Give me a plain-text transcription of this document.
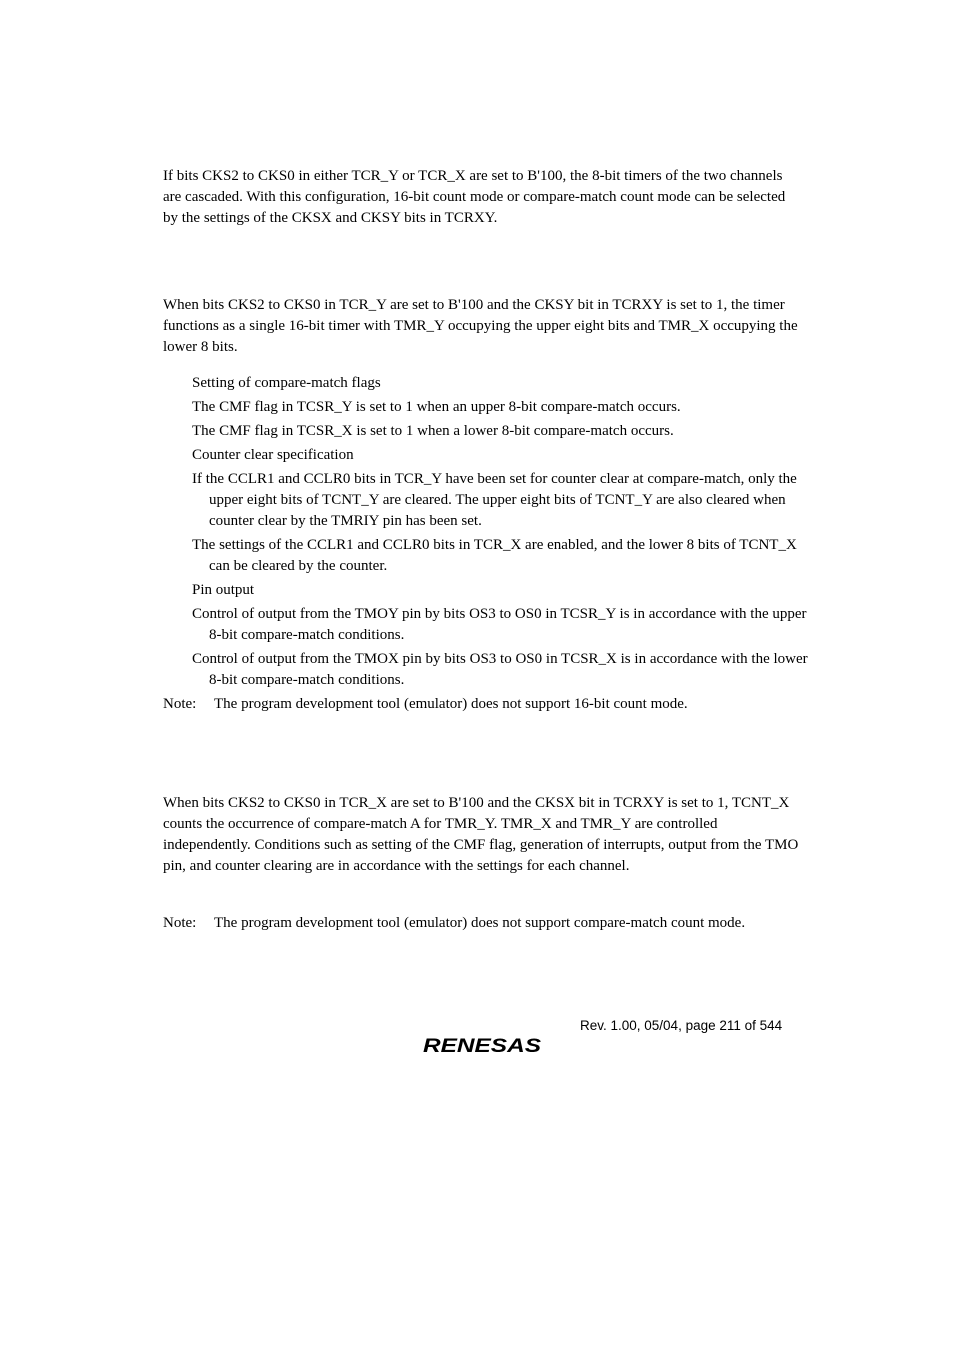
If bits CKS2 to CKS0 in either TCR_Y or TCR_X are set to B'100, the 8-bit timers of the two channels are cascaded. With this configuration, 16-bit count mode or compare-match count mode can be selected by the settings of the CKSX and CKSY bits in TCRXY.

When bits CKS2 to CKS0 in TCR_Y are set to B'100 and the CKSY bit in TCRXY is set to 1, the timer functions as a single 16-bit timer with TMR_Y occupying the upper eight bits and TMR_X occupying the lower 8 bits.

Setting of compare-match flags

The CMF flag in TCSR_Y is set to 1 when an upper 8-bit compare-match occurs.

The CMF flag in TCSR_X is set to 1 when a lower 8-bit compare-match occurs.

Counter clear specification

If the CCLR1 and CCLR0 bits in TCR_Y have been set for counter clear at compare-match, only the upper eight bits of TCNT_Y are cleared. The upper eight bits of TCNT_Y are also cleared when counter clear by the TMRIY pin has been set.

The settings of the CCLR1 and CCLR0 bits in TCR_X are enabled, and the lower 8 bits of TCNT_X can be cleared by the counter.

Pin output

Control of output from the TMOY pin by bits OS3 to OS0 in TCSR_Y is in accordance with the upper 8-bit compare-match conditions.

Control of output from the TMOX pin by bits OS3 to OS0 in TCSR_X is in accordance with the lower 8-bit compare-match conditions.

Note: The program development tool (emulator) does not support 16-bit count mode.

When bits CKS2 to CKS0 in TCR_X are set to B'100 and the CKSX bit in TCRXY is set to 1, TCNT_X counts the occurrence of compare-match A for TMR_Y. TMR_X and TMR_Y are controlled independently. Conditions such as setting of the CMF flag, generation of interrupts, output from the TMO pin, and counter clearing are in accordance with the settings for each channel.

Note: The program development tool (emulator) does not support compare-match count mode.
Rev. 1.00, 05/04, page 211 of 544
RENESAS
